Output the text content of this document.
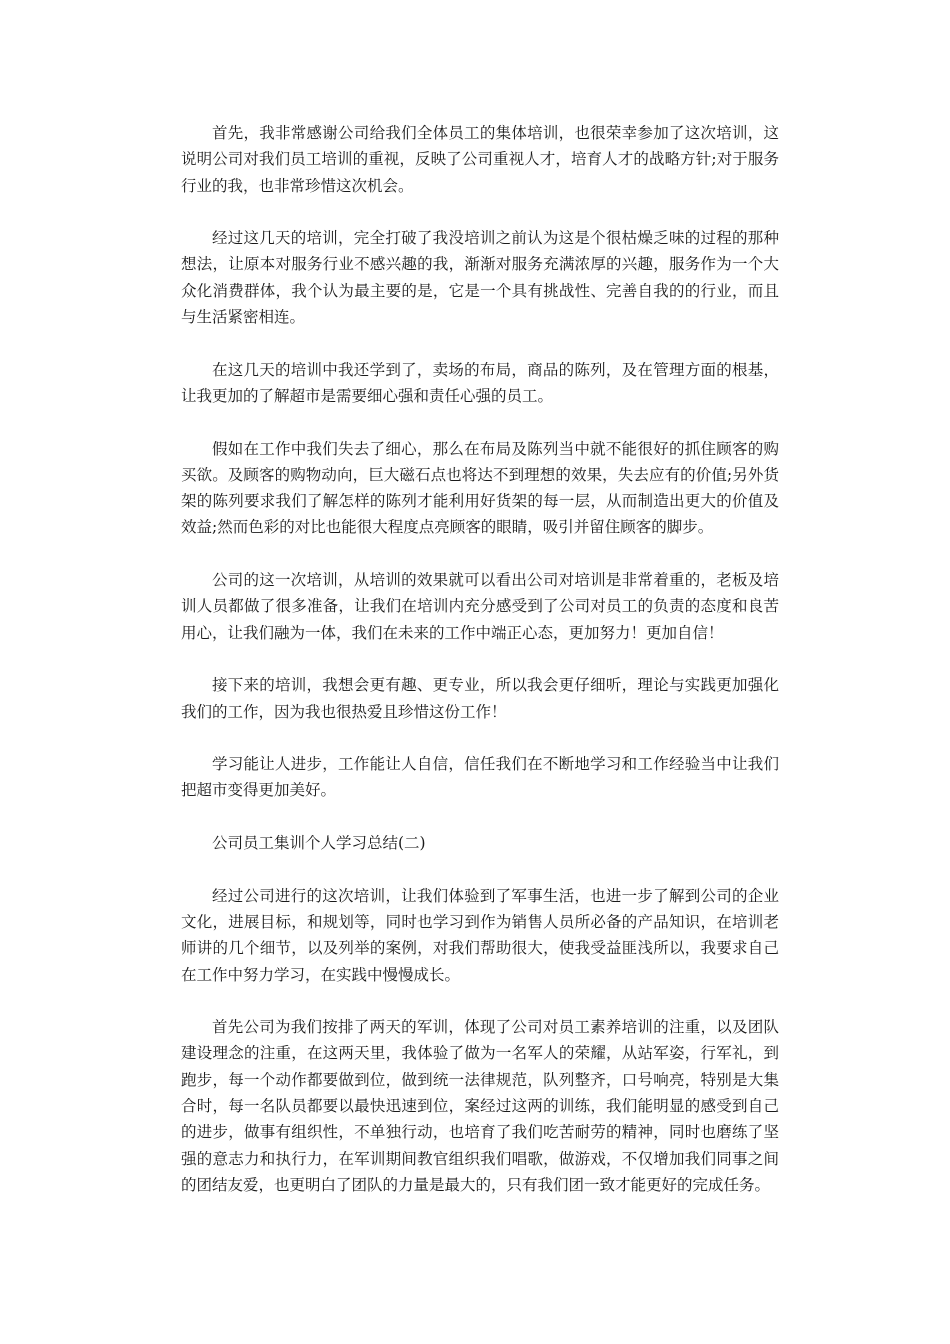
首先，我非常感谢公司给我们全体员工的集体培训，也很荣幸参加了这次培训，这说明公司对我们员工培训的重视，反映了公司重视人才，培育人才的战略方针;对于服务行业的我，也非常珍惜这次机会。

经过这几天的培训，完全打破了我没培训之前认为这是个很枯燥乏味的过程的那种想法，让原本对服务行业不感兴趣的我，渐渐对服务充满浓厚的兴趣，服务作为一个大众化消费群体，我个认为最主要的是，它是一个具有挑战性、完善自我的的行业，而且与生活紧密相连。

在这几天的培训中我还学到了，卖场的布局，商品的陈列，及在管理方面的根基，让我更加的了解超市是需要细心强和责任心强的员工。

假如在工作中我们失去了细心，那么在布局及陈列当中就不能很好的抓住顾客的购买欲。及顾客的购物动向，巨大磁石点也将达不到理想的效果，失去应有的价值;另外货架的陈列要求我们了解怎样的陈列才能利用好货架的每一层，从而制造出更大的价值及效益;然而色彩的对比也能很大程度点亮顾客的眼睛，吸引并留住顾客的脚步。

公司的这一次培训，从培训的效果就可以看出公司对培训是非常着重的，老板及培训人员都做了很多准备，让我们在培训内充分感受到了公司对员工的负责的态度和良苦用心，让我们融为一体，我们在未来的工作中端正心态，更加努力！更加自信！

接下来的培训，我想会更有趣、更专业，所以我会更仔细听，理论与实践更加强化我们的工作，因为我也很热爱且珍惜这份工作！

学习能让人进步，工作能让人自信，信任我们在不断地学习和工作经验当中让我们把超市变得更加美好。

公司员工集训个人学习总结(二)

经过公司进行的这次培训，让我们体验到了军事生活，也进一步了解到公司的企业文化，进展目标，和规划等，同时也学习到作为销售人员所必备的产品知识，在培训老师讲的几个细节，以及列举的案例，对我们帮助很大，使我受益匪浅所以，我要求自己在工作中努力学习，在实践中慢慢成长。

首先公司为我们按排了两天的军训，体现了公司对员工素养培训的注重，以及团队建设理念的注重，在这两天里，我体验了做为一名军人的荣耀，从站军姿，行军礼，到跑步，每一个动作都要做到位，做到统一法律规范，队列整齐，口号响亮，特别是大集合时，每一名队员都要以最快迅速到位，案经过这两的训练，我们能明显的感受到自己的进步，做事有组织性，不单独行动，也培育了我们吃苦耐劳的精神，同时也磨练了坚强的意志力和执行力，在军训期间教官组织我们唱歌，做游戏，不仅增加我们同事之间的团结友爱，也更明白了团队的力量是最大的，只有我们团一致才能更好的完成任务。
